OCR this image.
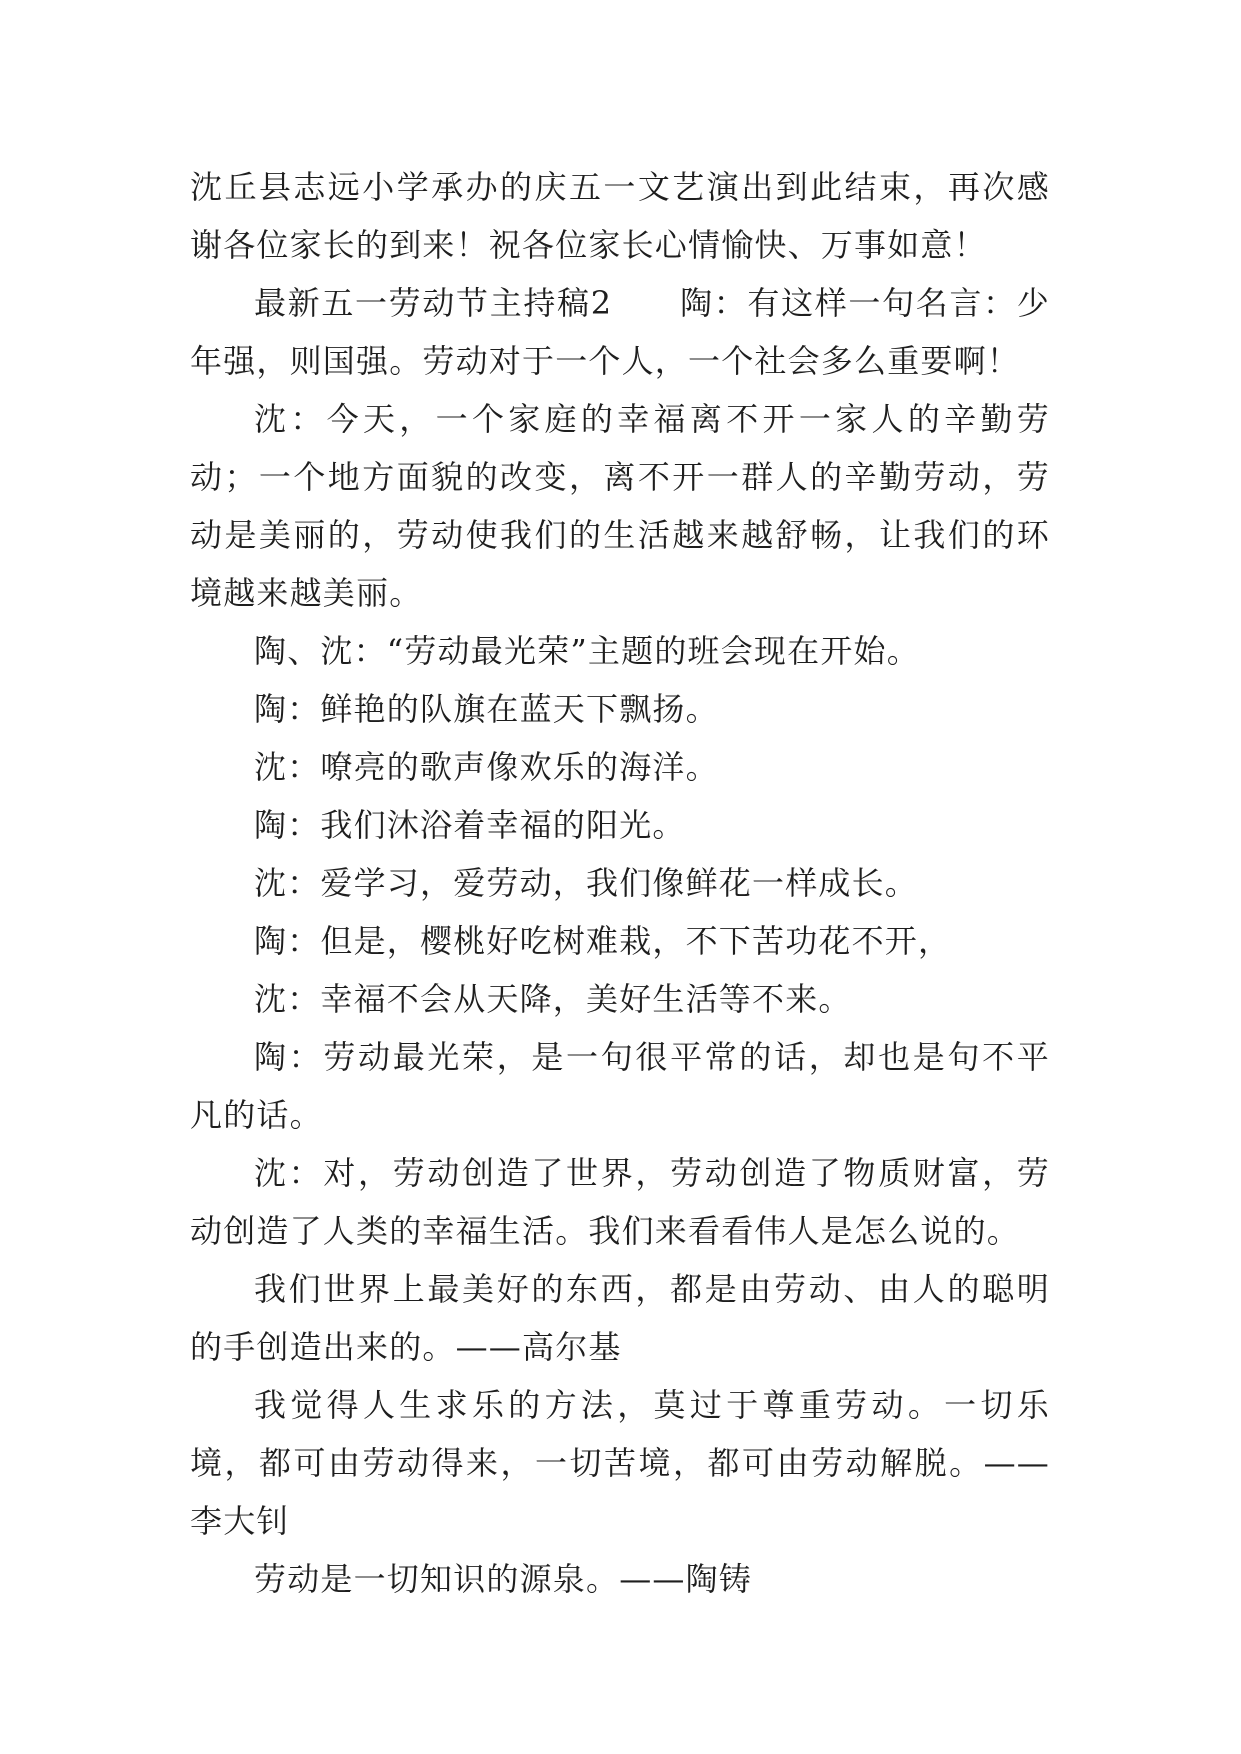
沈丘县志远小学承办的庆五一文艺演出到此结束，再次感谢各位家长的到来！祝各位家长心情愉快、万事如意！

最新五一劳动节主持稿2　　陶：有这样一句名言：少年强，则国强。劳动对于一个人，一个社会多么重要啊！

沈：今天，一个家庭的幸福离不开一家人的辛勤劳动；一个地方面貌的改变，离不开一群人的辛勤劳动，劳动是美丽的，劳动使我们的生活越来越舒畅，让我们的环境越来越美丽。

陶、沈：“劳动最光荣”主题的班会现在开始。

陶：鲜艳的队旗在蓝天下飘扬。

沈：嘹亮的歌声像欢乐的海洋。

陶：我们沐浴着幸福的阳光。

沈：爱学习，爱劳动，我们像鲜花一样成长。

陶：但是，樱桃好吃树难栽，不下苦功花不开，

沈：幸福不会从天降，美好生活等不来。

陶：劳动最光荣，是一句很平常的话，却也是句不平凡的话。

沈：对，劳动创造了世界，劳动创造了物质财富，劳动创造了人类的幸福生活。我们来看看伟人是怎么说的。

我们世界上最美好的东西，都是由劳动、由人的聪明的手创造出来的。——高尔基

我觉得人生求乐的方法，莫过于尊重劳动。一切乐境，都可由劳动得来，一切苦境，都可由劳动解脱。——李大钊

劳动是一切知识的源泉。——陶铸
